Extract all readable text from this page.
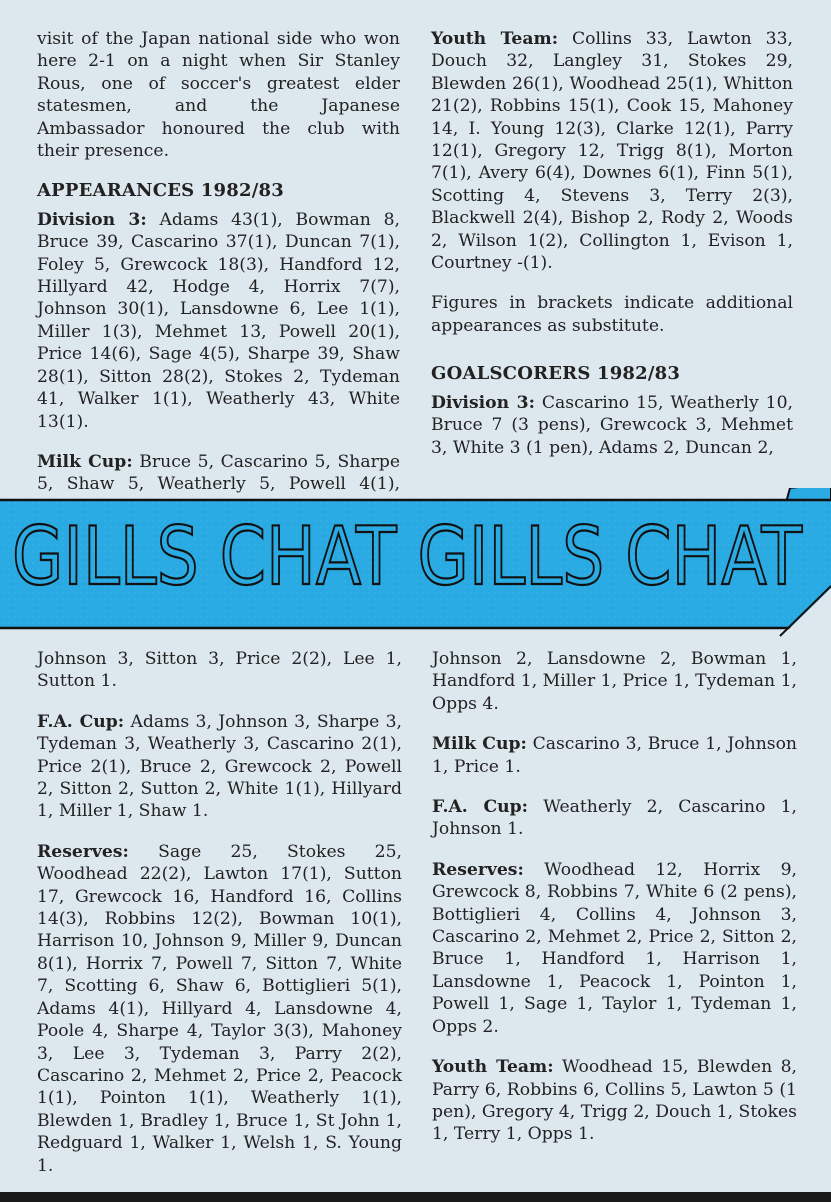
visit of the Japan national side who won here 2-1 on a night when Sir Stanley Rous, one of soccer's greatest elder statesmen, and the Japanese Ambassador honoured the club with their presence.

APPEARANCES 1982/83

Division 3: Adams 43(1), Bowman 8, Bruce 39, Cascarino 37(1), Duncan 7(1), Foley 5, Grewcock 18(3), Handford 12, Hillyard 42, Hodge 4, Horrix 7(7), Johnson 30(1), Lansdowne 6, Lee 1(1), Miller 1(3), Mehmet 13, Powell 20(1), Price 14(6), Sage 4(5), Sharpe 39, Shaw 28(1), Sitton 28(2), Stokes 2, Tydeman 41, Walker 1(1), Weatherly 43, White 13(1).

Milk Cup: Bruce 5, Cascarino 5, Sharpe 5, Shaw 5, Weatherly 5, Powell 4(1),

Youth Team: Collins 33, Lawton 33, Douch 32, Langley 31, Stokes 29, Blewden 26(1), Woodhead 25(1), Whitton 21(2), Robbins 15(1), Cook 15, Mahoney 14, I. Young 12(3), Clarke 12(1), Parry 12(1), Gregory 12, Trigg 8(1), Morton 7(1), Avery 6(4), Downes 6(1), Finn 5(1), Scotting 4, Stevens 3, Terry 2(3), Blackwell 2(4), Bishop 2, Rody 2, Woods 2, Wilson 1(2), Collington 1, Evison 1, Courtney -(1).

Figures in brackets indicate additional appearances as substitute.

GOALSCORERS 1982/83

Division 3: Cascarino 15, Weatherly 10, Bruce 7 (3 pens), Grewcock 3, Mehmet 3, White 3 (1 pen), Adams 2, Duncan 2,

GILLS CHAT GILLS CHAT

Johnson 3, Sitton 3, Price 2(2), Lee 1, Sutton 1.

F.A. Cup: Adams 3, Johnson 3, Sharpe 3, Tydeman 3, Weatherly 3, Cascarino 2(1), Price 2(1), Bruce 2, Grewcock 2, Powell 2, Sitton 2, Sutton 2, White 1(1), Hillyard 1, Miller 1, Shaw 1.

Reserves: Sage 25, Stokes 25, Woodhead 22(2), Lawton 17(1), Sutton 17, Grewcock 16, Handford 16, Collins 14(3), Robbins 12(2), Bowman 10(1), Harrison 10, Johnson 9, Miller 9, Duncan 8(1), Horrix 7, Powell 7, Sitton 7, White 7, Scotting 6, Shaw 6, Bottiglieri 5(1), Adams 4(1), Hillyard 4, Lansdowne 4, Poole 4, Sharpe 4, Taylor 3(3), Mahoney 3, Lee 3, Tydeman 3, Parry 2(2), Cascarino 2, Mehmet 2, Price 2, Peacock 1(1), Pointon 1(1), Weatherly 1(1), Blewden 1, Bradley 1, Bruce 1, St John 1, Redguard 1, Walker 1, Welsh 1, S. Young 1.

Johnson 2, Lansdowne 2, Bowman 1, Handford 1, Miller 1, Price 1, Tydeman 1, Opps 4.

Milk Cup: Cascarino 3, Bruce 1, Johnson 1, Price 1.

F.A. Cup: Weatherly 2, Cascarino 1, Johnson 1.

Reserves: Woodhead 12, Horrix 9, Grewcock 8, Robbins 7, White 6 (2 pens), Bottiglieri 4, Collins 4, Johnson 3, Cascarino 2, Mehmet 2, Price 2, Sitton 2, Bruce 1, Handford 1, Harrison 1, Lansdowne 1, Peacock 1, Pointon 1, Powell 1, Sage 1, Taylor 1, Tydeman 1, Opps 2.

Youth Team: Woodhead 15, Blewden 8, Parry 6, Robbins 6, Collins 5, Lawton 5 (1 pen), Gregory 4, Trigg 2, Douch 1, Stokes 1, Terry 1, Opps 1.
